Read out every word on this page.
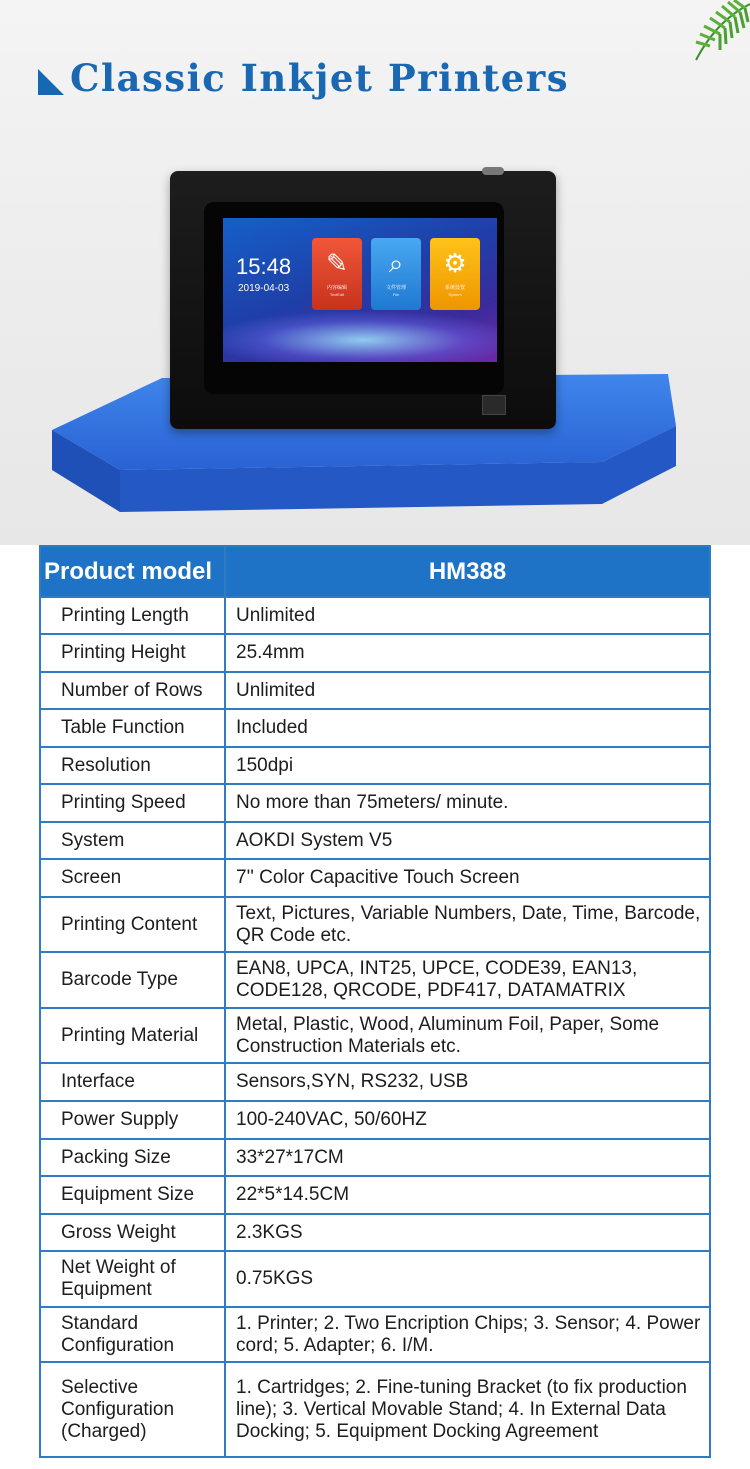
Classic Inkjet Printers
15:48
2019-04-03
✎
内容编辑
TextEdit
⌕
文件管理
File
⚙
系统设置
System
Product model	HM388
Printing Length	Unlimited
Printing Height	25.4mm
Number of Rows	Unlimited
Table Function	Included
Resolution	150dpi
Printing Speed	No more than 75meters/ minute.
System	AOKDI System V5
Screen	7'' Color Capacitive Touch Screen
Printing Content	Text, Pictures, Variable Numbers, Date, Time, Barcode, QR Code etc.
Barcode Type	EAN8, UPCA, INT25, UPCE, CODE39, EAN13, CODE128, QRCODE, PDF417, DATAMATRIX
Printing Material	Metal, Plastic, Wood, Aluminum Foil, Paper, Some Construction Materials etc.
Interface	Sensors,SYN, RS232, USB
Power Supply	100-240VAC, 50/60HZ
Packing Size	33*27*17CM
Equipment Size	22*5*14.5CM
Gross Weight	2.3KGS
Net Weight of Equipment	0.75KGS
Standard Configuration	1. Printer; 2. Two Encription Chips; 3. Sensor; 4. Power cord; 5. Adapter; 6. I/M.
Selective Configuration (Charged)	1. Cartridges; 2. Fine-tuning Bracket (to fix production line); 3. Vertical Movable Stand; 4. In External Data Docking; 5. Equipment Docking Agreement
